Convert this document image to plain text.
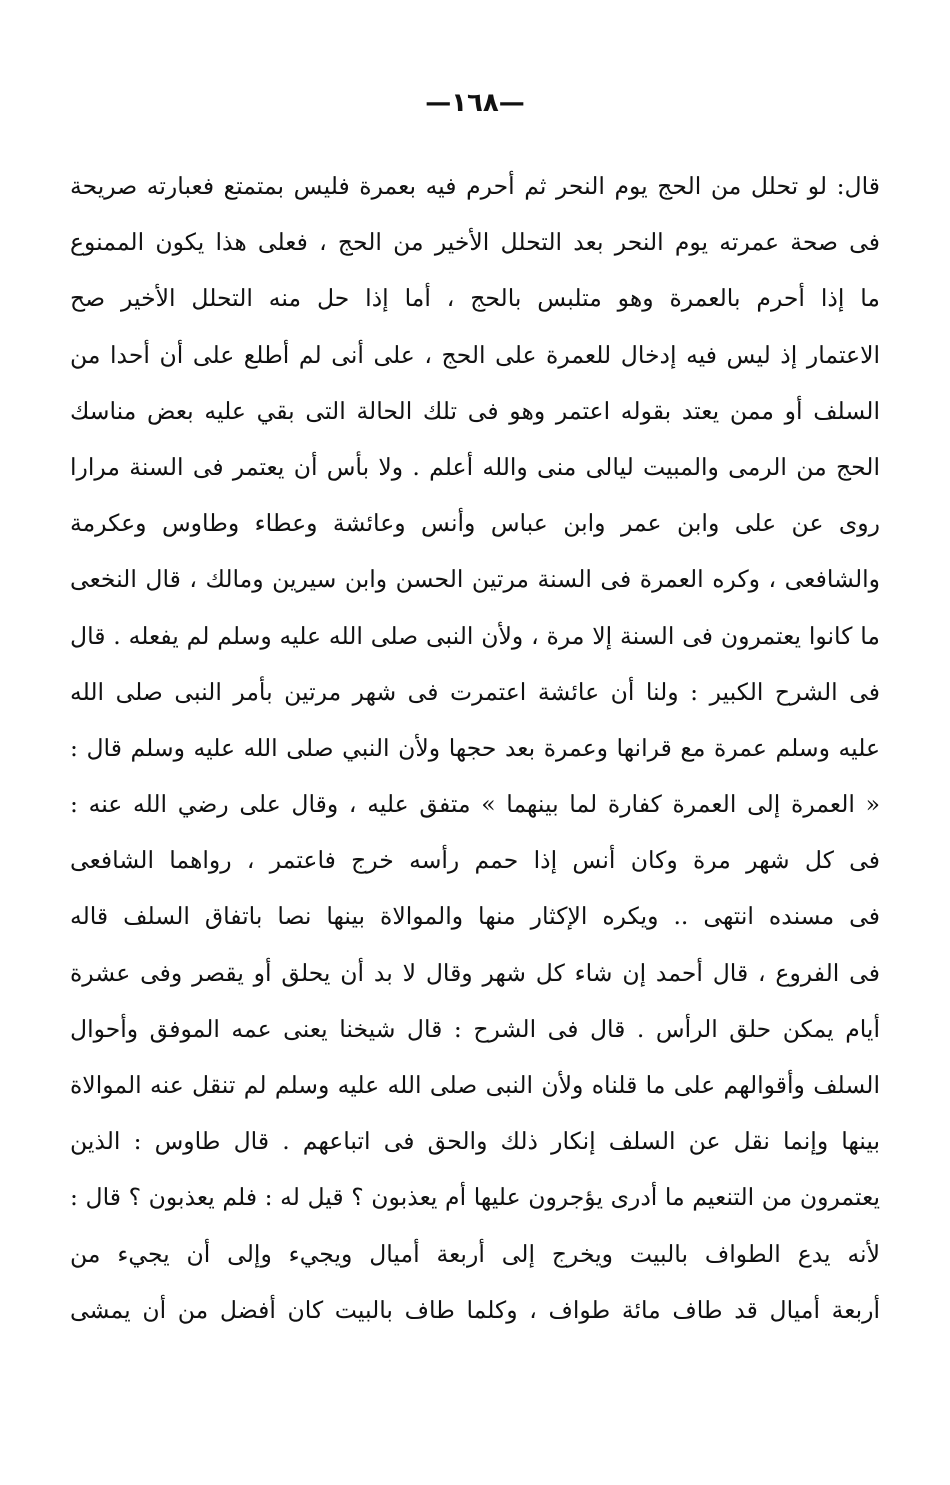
—١٦٨—
قال: لو تحلل من الحج يوم النحر ثم أحرم فيه بعمرة فليس بمتمتع فعبارته صريحة
فى صحة عمرته يوم النحر بعد التحلل الأخير من الحج ، فعلى هذا يكون الممنوع
ما إذا أحرم بالعمرة وهو متلبس بالحج ، أما إذا حل منه التحلل الأخير صح
الاعتمار إذ ليس فيه إدخال للعمرة على الحج ، على أنى لم أطلع على أن أحدا من
السلف أو ممن يعتد بقوله اعتمر وهو فى تلك الحالة التى بقي عليه بعض مناسك
الحج من الرمى والمبيت ليالى منى والله أعلم . ولا بأس أن يعتمر فى السنة مرارا
روى عن على وابن عمر وابن عباس وأنس وعائشة وعطاء وطاوس وعكرمة
والشافعى ، وكره العمرة فى السنة مرتين الحسن وابن سيرين ومالك ، قال النخعى
ما كانوا يعتمرون فى السنة إلا مرة ، ولأن النبى صلى الله عليه وسلم لم يفعله . قال
فى الشرح الكبير : ولنا أن عائشة اعتمرت فى شهر مرتين بأمر النبى صلى الله
عليه وسلم عمرة مع قرانها وعمرة بعد حجها ولأن النبي صلى الله عليه وسلم قال :
« العمرة إلى العمرة كفارة لما بينهما » متفق عليه ، وقال على رضي الله عنه :
فى كل شهر مرة وكان أنس إذا حمم رأسه خرج فاعتمر ، رواهما الشافعى
فى مسنده انتهى .. ويكره الإكثار منها والموالاة بينها نصا باتفاق السلف قاله
فى الفروع ، قال أحمد إن شاء كل شهر وقال لا بد أن يحلق أو يقصر وفى عشرة
أيام يمكن حلق الرأس . قال فى الشرح : قال شيخنا يعنى عمه الموفق وأحوال
السلف وأقوالهم على ما قلناه ولأن النبى صلى الله عليه وسلم لم تنقل عنه الموالاة
بينها وإنما نقل عن السلف إنكار ذلك والحق فى اتباعهم . قال طاوس : الذين
يعتمرون من التنعيم ما أدرى يؤجرون عليها أم يعذبون ؟ قيل له : فلم يعذبون ؟ قال :
لأنه يدع الطواف بالبيت ويخرج إلى أربعة أميال ويجيء وإلى أن يجيء من
أربعة أميال قد طاف مائة طواف ، وكلما طاف بالبيت كان أفضل من أن يمشى
